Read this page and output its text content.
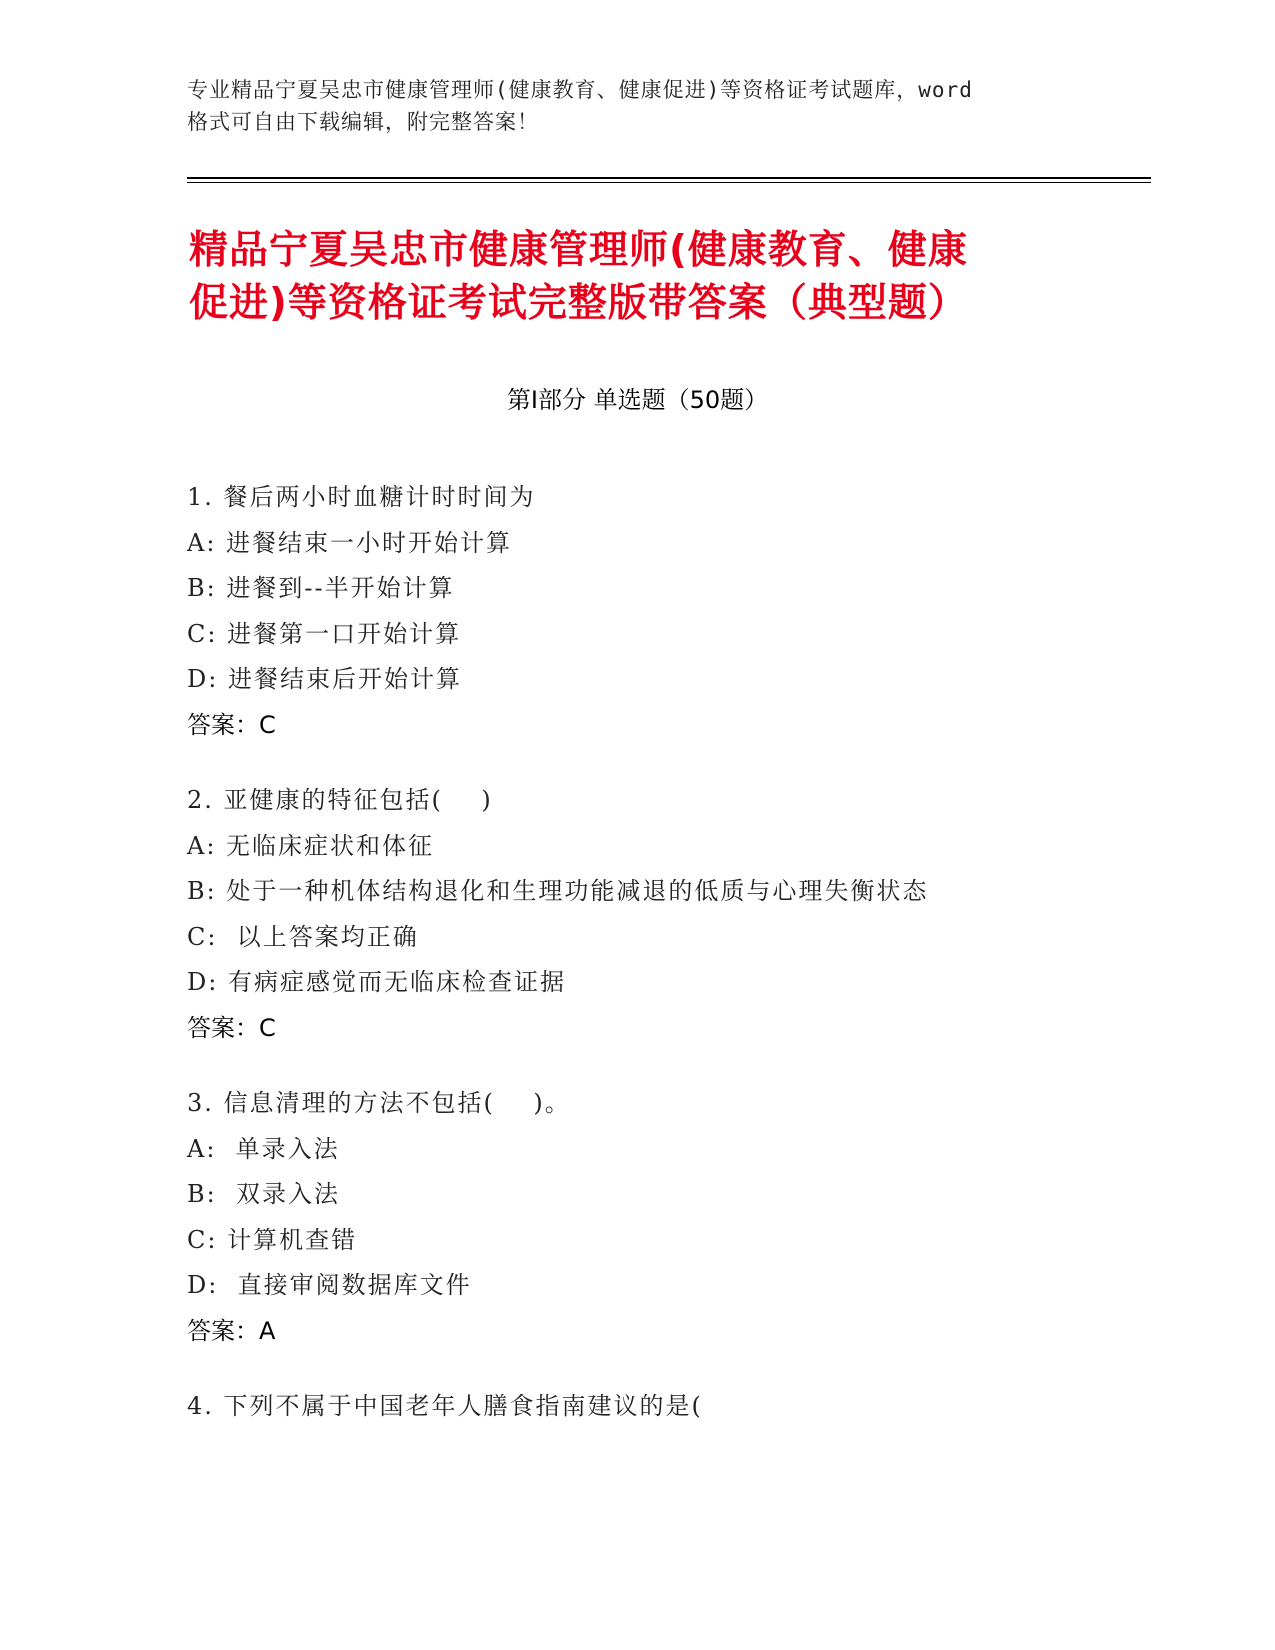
专业精品宁夏吴忠市健康管理师(健康教育、健康促进)等资格证考试题库，word
格式可自由下载编辑，附完整答案！
精品宁夏吴忠市健康管理师(健康教育、健康
促进)等资格证考试完整版带答案（典型题）
第Ⅰ部分 单选题（50题）
1. 餐后两小时血糖计时时间为
A: 进餐结束一小时开始计算
B: 进餐到--半开始计算
C: 进餐第一口开始计算
D: 进餐结束后开始计算
答案：C
2. 亚健康的特征包括(    )
A: 无临床症状和体征
B: 处于一种机体结构退化和生理功能减退的低质与心理失衡状态
C:  以上答案均正确
D: 有病症感觉而无临床检查证据
答案：C
3. 信息清理的方法不包括(    )。
A:  单录入法
B:  双录入法
C: 计算机查错
D:  直接审阅数据库文件
答案：A
4. 下列不属于中国老年人膳食指南建议的是(
